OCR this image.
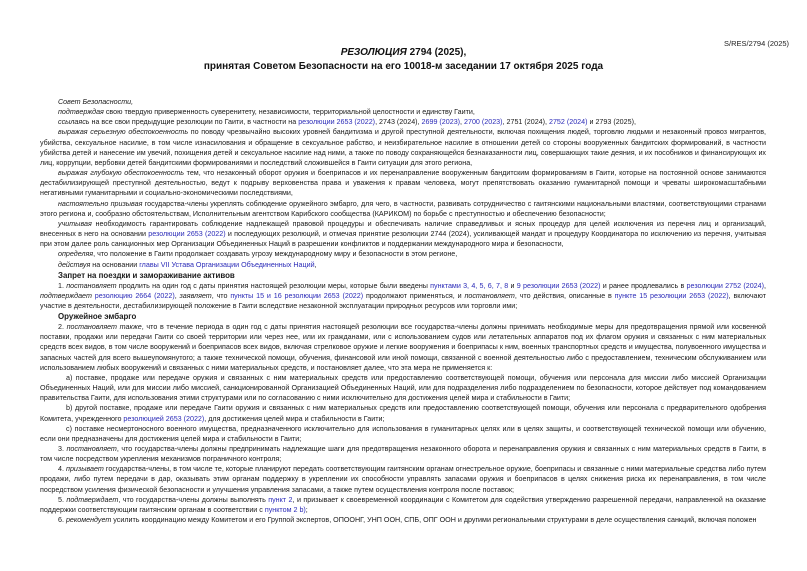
S/RES/2794 (2025)
РЕЗОЛЮЦИЯ 2794 (2025),
принятая Советом Безопасности на его 10018-м заседании 17 октября 2025 года

Совет Безопасности,

подтверждая свою твердую приверженность суверенитету, независимости, территориальной целостности и единству Гаити,

ссылаясь на все свои предыдущие резолюции по Гаити, в частности на резолюции 2653 (2022), 2743 (2024), 2699 (2023), 2700 (2023), 2751 (2024), 2752 (2024) и 2793 (2025),

выражая серьезную обеспокоенность по поводу чрезвычайно высоких уровней бандитизма и другой преступной деятельности, включая похищения людей, торговлю людьми и незаконный провоз мигрантов, убийства, сексуальное насилие, в том числе изнасилования и обращение в сексуальное рабство, и неизбирательное насилие в отношении детей со стороны вооруженных бандитских формирований, в частности убийства детей и нанесение им увечий, похищения детей и сексуальное насилие над ними, а также по поводу сохраняющейся безнаказанности лиц, совершающих такие деяния, и их пособников и финансирующих их лиц, коррупции, вербовки детей бандитскими формированиями и последствий сложившейся в Гаити ситуации для этого региона,

выражая глубокую обеспокоенность тем, что незаконный оборот оружия и боеприпасов и их перенаправление вооруженным бандитским формированиям в Гаити, которые на постоянной основе занимаются дестабилизирующей преступной деятельностью, ведут к подрыву верховенства права и уважения к правам человека, могут препятствовать оказанию гуманитарной помощи и чреваты широкомасштабными негативными гуманитарными и социально-экономическими последствиями,

настоятельно призывая государства-члены укреплять соблюдение оружейного эмбарго, для чего, в частности, развивать сотрудничество с гаитянскими национальными властями, соответствующими странами этого региона и, сообразно обстоятельствам, Исполнительным агентством Карибского сообщества (КАРИКОМ) по борьбе с преступностью и обеспечению безопасности;

учитывая необходимость гарантировать соблюдение надлежащей правовой процедуры и обеспечивать наличие справедливых и ясных процедур для целей исключения из перечня лиц и организаций, внесенных в него на основании резолюции 2653 (2022) и последующих резолюций, и отмечая принятие резолюции 2744 (2024), усиливающей мандат и процедуру Координатора по исключению из перечня, учитывая при этом далее роль санкционных мер Организации Объединенных Наций в разрешении конфликтов и поддержании международного мира и безопасности,

определяя, что положение в Гаити продолжает создавать угрозу международному миру и безопасности в этом регионе,

действуя на основании главы VII Устава Организации Объединенных Наций,

Запрет на поездки и замораживание активов

1. постановляет продлить на один год с даты принятия настоящей резолюции меры, которые были введены пунктами 3, 4, 5, 6, 7, 8 и 9 резолюции 2653 (2022) и ранее продлевались в резолюции 2752 (2024), подтверждает резолюцию 2664 (2022), заявляет, что пункты 15 и 16 резолюции 2653 (2022) продолжают применяться, и постановляет, что действия, описанные в пункте 15 резолюции 2653 (2022), включают участие в деятельности, дестабилизирующей положение в Гаити вследствие незаконной эксплуатации природных ресурсов или торговли ими;

Оружейное эмбарго

2. постановляет также, что в течение периода в один год с даты принятия настоящей резолюции все государства-члены должны принимать необходимые меры для предотвращения прямой или косвенной поставки, продажи или передачи Гаити со своей территории или через нее, или их гражданами, или с использованием судов или летательных аппаратов под их флагом оружия и связанных с ним материальных средств всех видов, в том числе вооружений и боеприпасов всех видов, включая стрелковое оружие и легкие вооружения и боеприпасы к ним, военных транспортных средств и имущества, полувоенного имущества и запасных частей для всего вышеупомянутого; а также технической помощи, обучения, финансовой или иной помощи, связанной с военной деятельностью либо с предоставлением, техническим обслуживанием или использованием любых вооружений и связанных с ними материальных средств, и постановляет далее, что эта мера не применяется к:

a) поставке, продаже или передаче оружия и связанных с ним материальных средств или предоставлению соответствующей помощи, обучения или персонала для миссии либо миссией Организации Объединенных Наций, или для миссии либо миссией, санкционированной Организацией Объединенных Наций, или для подразделения либо подразделением по безопасности, которое действует под командованием правительства Гаити, для использования этими структурами или по согласованию с ними исключительно для достижения целей мира и стабильности в Гаити;

b) другой поставке, продаже или передаче Гаити оружия и связанных с ним материальных средств или предоставлению соответствующей помощи, обучения или персонала с предварительного одобрения Комитета, учрежденного резолюцией 2653 (2022), для достижения целей мира и стабильности в Гаити;

c) поставке несмертоносного военного имущества, предназначенного исключительно для использования в гуманитарных целях или в целях защиты, и соответствующей технической помощи или обучению, если они предназначены для достижения целей мира и стабильности в Гаити;

3. постановляет, что государства-члены должны предпринимать надлежащие шаги для предотвращения незаконного оборота и перенаправления оружия и связанных с ним материальных средств в Гаити, в том числе посредством укрепления механизмов пограничного контроля;

4. призывает государства-члены, в том числе те, которые планируют передать соответствующим гаитянским органам огнестрельное оружие, боеприпасы и связанные с ними материальные средства либо путем продажи, либо путем передачи в дар, оказывать этим органам поддержку в укреплении их способности управлять запасами оружия и боеприпасов в целях снижения риска их перенаправления, в том числе посредством усиления физической безопасности и улучшения управления запасами, а также путем осуществления контроля после поставок;

5. подтверждает, что государства-члены должны выполнять пункт 2, и призывает к своевременной координации с Комитетом для содействия утверждению разрешенной передачи, направленной на оказание поддержки соответствующим гаитянским органам в соответствии с пунктом 2 b);

6. рекомендует усилить координацию между Комитетом и его Группой экспертов, ОПООНГ, УНП ООН, СПБ, ОПГ ООН и другими региональными структурами в деле осуществления санкций, включая положен
